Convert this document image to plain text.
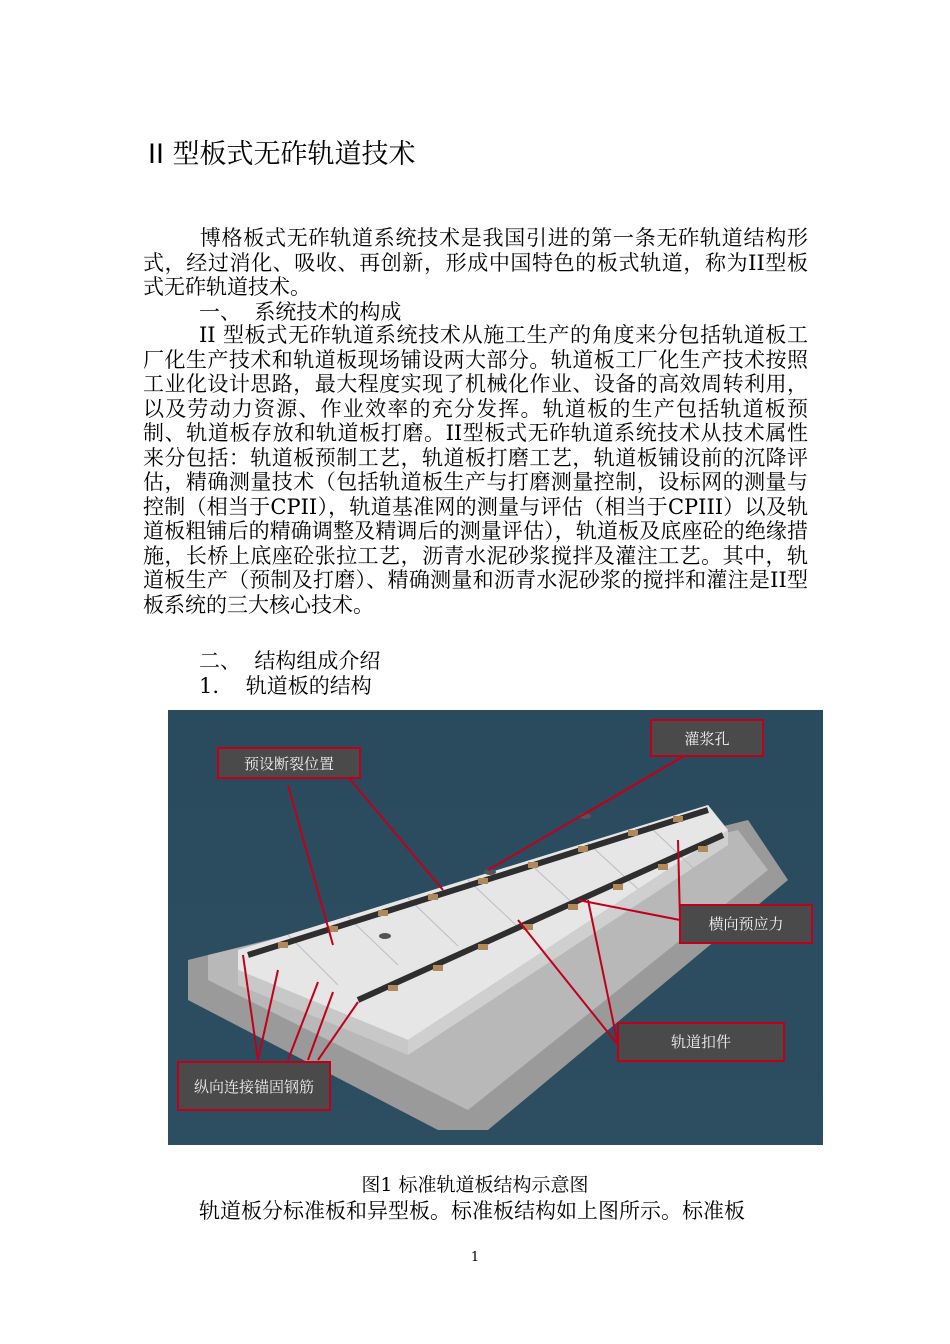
II 型板式无砟轨道技术
博格板式无砟轨道系统技术是我国引进的第一条无砟轨道结构形式，经过消化、吸收、再创新，形成中国特色的板式轨道，称为II型板式无砟轨道技术。
一、  系统技术的构成
II 型板式无砟轨道系统技术从施工生产的角度来分包括轨道板工厂化生产技术和轨道板现场铺设两大部分。轨道板工厂化生产技术按照工业化设计思路，最大程度实现了机械化作业、设备的高效周转利用，以及劳动力资源、作业效率的充分发挥。轨道板的生产包括轨道板预制、轨道板存放和轨道板打磨。II型板式无砟轨道系统技术从技术属性来分包括：轨道板预制工艺，轨道板打磨工艺，轨道板铺设前的沉降评估，精确测量技术（包括轨道板生产与打磨测量控制，设标网的测量与控制（相当于CPII），轨道基准网的测量与评估（相当于CPIII）以及轨道板粗铺后的精确调整及精调后的测量评估），轨道板及底座砼的绝缘措施，长桥上底座砼张拉工艺，沥青水泥砂浆搅拌及灌注工艺。其中，轨道板生产（预制及打磨）、精确测量和沥青水泥砂浆的搅拌和灌注是II型板系统的三大核心技术。
二、  结构组成介绍
1.    轨道板的结构
灌浆孔
预设断裂位置
横向预应力
轨道扣件
纵向连接锚固钢筋
图1 标准轨道板结构示意图
轨道板分标准板和异型板。标准板结构如上图所示。标准板
1
